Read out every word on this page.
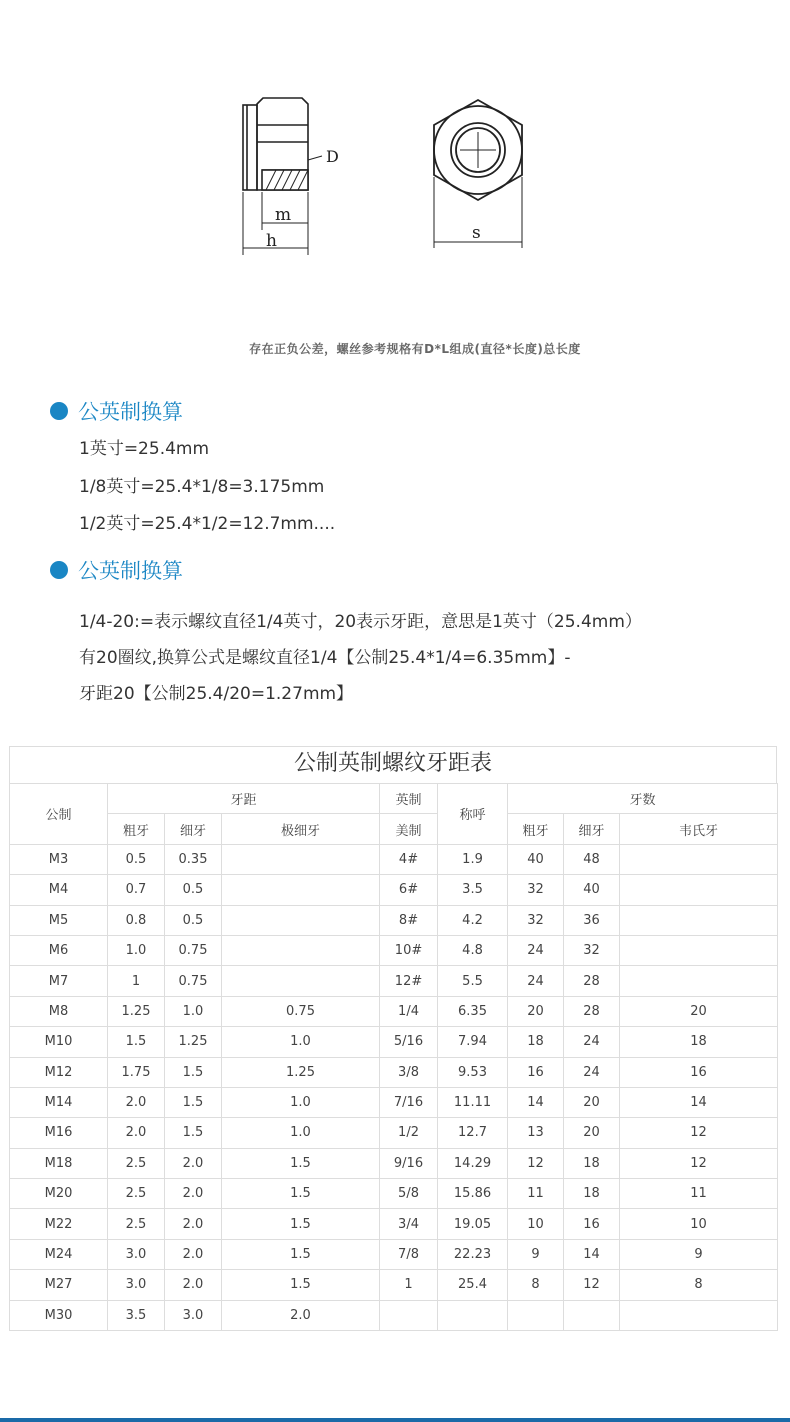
D
m
h	s
存在正负公差，螺丝参考规格有D*L组成(直径*长度)总长度
公英制换算
1英寸=25.4mm
1/8英寸=25.4*1/8=3.175mm
1/2英寸=25.4*1/2=12.7mm....
公英制换算
1/4-20:=表示螺纹直径1/4英寸，20表示牙距，意思是1英寸（25.4mm）
有20圈纹,换算公式是螺纹直径1/4【公制25.4*1/4=6.35mm】-
牙距20【公制25.4/20=1.27mm】
公制英制螺纹牙距表
公制	牙距			英制	称呼	牙数		
	粗牙	细牙	极细牙	美制		粗牙	细牙	韦氏牙
M3	0.5	0.35		4#	1.9	40	48	
M4	0.7	0.5		6#	3.5	32	40	
M5	0.8	0.5		8#	4.2	32	36	
M6	1.0	0.75		10#	4.8	24	32	
M7	1	0.75		12#	5.5	24	28	
M8	1.25	1.0	0.75	1/4	6.35	20	28	20
M10	1.5	1.25	1.0	5/16	7.94	18	24	18
M12	1.75	1.5	1.25	3/8	9.53	16	24	16
M14	2.0	1.5	1.0	7/16	11.11	14	20	14
M16	2.0	1.5	1.0	1/2	12.7	13	20	12
M18	2.5	2.0	1.5	9/16	14.29	12	18	12
M20	2.5	2.0	1.5	5/8	15.86	11	18	11
M22	2.5	2.0	1.5	3/4	19.05	10	16	10
M24	3.0	2.0	1.5	7/8	22.23	9	14	9
M27	3.0	2.0	1.5	1	25.4	8	12	8
M30	3.5	3.0	2.0					
